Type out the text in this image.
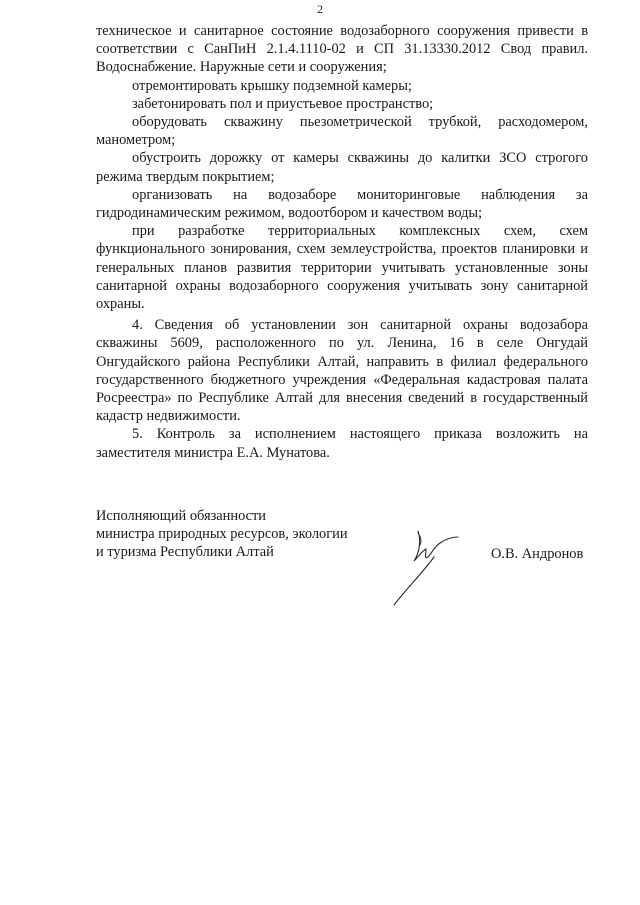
2

техническое и санитарное состояние водозаборного сооружения привести в соответствии с СанПиН 2.1.4.1110-02 и СП 31.13330.2012 Свод правил. Водоснабжение. Наружные сети и сооружения;

отремонтировать крышку подземной камеры;

забетонировать пол и приустьевое пространство;

оборудовать скважину пьезометрической трубкой, расходомером, манометром;

обустроить дорожку от камеры скважины до калитки ЗСО строгого режима твердым покрытием;

организовать на водозаборе мониторинговые наблюдения за гидродинамическим режимом, водоотбором и качеством воды;

при разработке территориальных комплексных схем, схем функционального зонирования, схем землеустройства, проектов планировки и генеральных планов развития территории учитывать установленные зоны санитарной охраны водозаборного сооружения учитывать зону санитарной охраны.

4. Сведения об установлении зон санитарной охраны водозабора скважины 5609, расположенного по ул. Ленина, 16 в селе Онгудай Онгудайского района Республики Алтай, направить в филиал федерального государственного бюджетного учреждения «Федеральная кадастровая палата Росреестра» по Республике Алтай для внесения сведений в государственный кадастр недвижимости.

5. Контроль за исполнением настоящего приказа возложить на заместителя министра Е.А. Мунатова.

Исполняющий обязанности
министра природных ресурсов, экологии
и туризма Республики Алтай	О.В. Андронов
